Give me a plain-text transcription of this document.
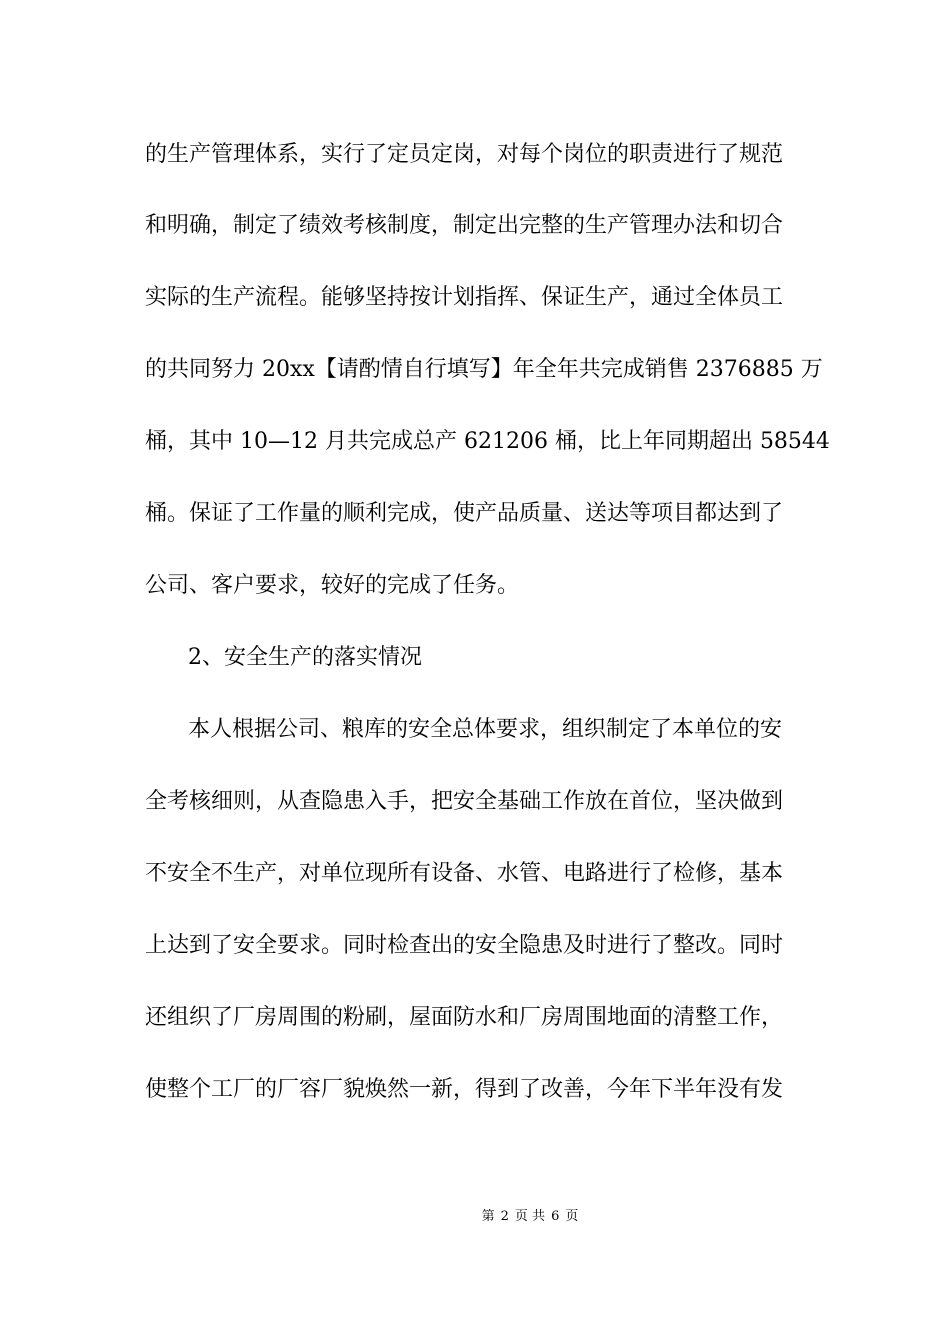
的生产管理体系，实行了定员定岗，对每个岗位的职责进行了规范
和明确，制定了绩效考核制度，制定出完整的生产管理办法和切合
实际的生产流程。能够坚持按计划指挥、保证生产，通过全体员工
的共同努力 20xx【请酌情自行填写】年全年共完成销售 2376885 万
桶，其中 10—12 月共完成总产 621206 桶，比上年同期超出 58544
桶。保证了工作量的顺利完成，使产品质量、送达等项目都达到了
公司、客户要求，较好的完成了任务。
2、安全生产的落实情况
本人根据公司、粮库的安全总体要求，组织制定了本单位的安
全考核细则，从查隐患入手，把安全基础工作放在首位，坚决做到
不安全不生产，对单位现所有设备、水管、电路进行了检修，基本
上达到了安全要求。同时检查出的安全隐患及时进行了整改。同时
还组织了厂房周围的粉刷，屋面防水和厂房周围地面的清整工作，
使整个工厂的厂容厂貌焕然一新，得到了改善，今年下半年没有发
第 2 页 共 6 页
